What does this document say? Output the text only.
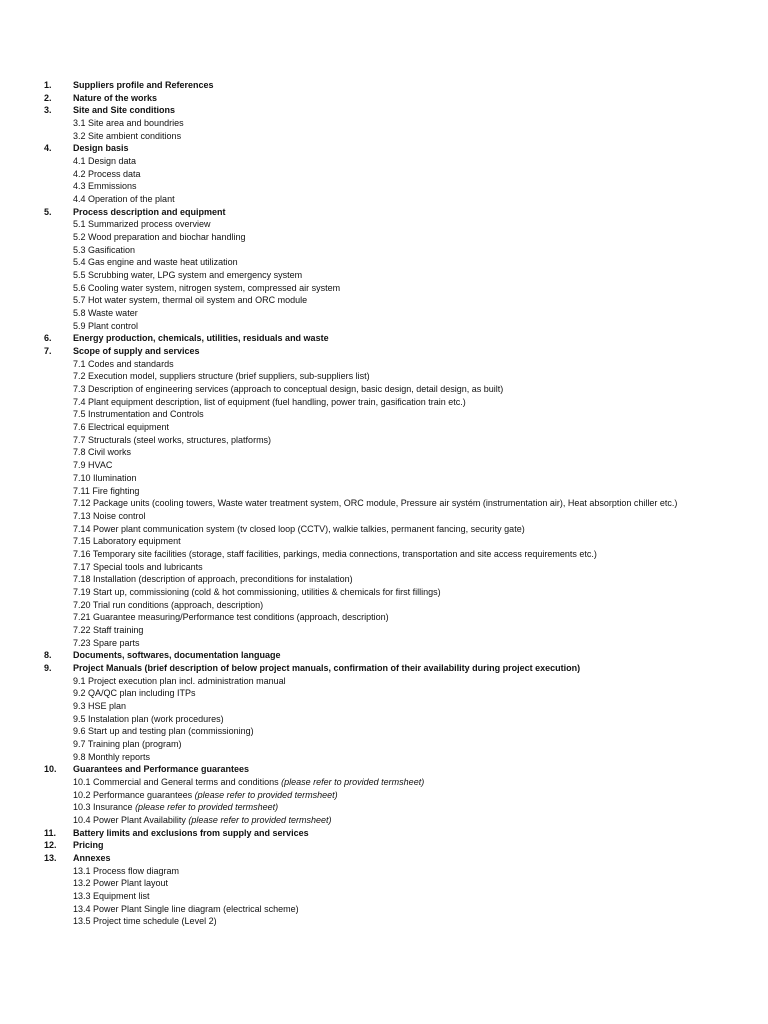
1. Suppliers profile and References
2. Nature of the works
3. Site and Site conditions
3.1 Site area and boundries
3.2 Site ambient conditions
4. Design basis
4.1 Design data
4.2 Process data
4.3 Emmissions
4.4 Operation of the plant
5. Process description and equipment
5.1 Summarized process overview
5.2 Wood preparation and biochar handling
5.3 Gasification
5.4 Gas engine and waste heat utilization
5.5 Scrubbing water, LPG system and emergency system
5.6 Cooling water system, nitrogen system, compressed air system
5.7 Hot water system, thermal oil system and ORC module
5.8 Waste water
5.9 Plant control
6. Energy production, chemicals, utilities, residuals and waste
7. Scope of supply and services
7.1 Codes and standards
7.2 Execution model, suppliers structure (brief suppliers, sub-suppliers list)
7.3 Description of engineering services (approach to conceptual design, basic design, detail design, as built)
7.4 Plant equipment description, list of equipment (fuel handling, power train, gasification train etc.)
7.5 Instrumentation and Controls
7.6 Electrical equipment
7.7 Structurals (steel works, structures, platforms)
7.8 Civil works
7.9 HVAC
7.10 Ilumination
7.11 Fire fighting
7.12 Package units (cooling towers, Waste water treatment system, ORC module, Pressure air systém (instrumentation air), Heat absorption chiller etc.)
7.13 Noise control
7.14 Power plant communication system (tv closed loop (CCTV), walkie talkies, permanent fancing, security gate)
7.15 Laboratory equipment
7.16 Temporary site facilities (storage, staff facilities, parkings, media connections, transportation and site access requirements etc.)
7.17 Special tools and lubricants
7.18 Installation (description of approach, preconditions for instalation)
7.19 Start up, commissioning (cold & hot commissioning, utilities & chemicals for first fillings)
7.20 Trial run conditions (approach, description)
7.21 Guarantee measuring/Performance test conditions (approach, description)
7.22 Staff training
7.23 Spare parts
8. Documents, softwares, documentation language
9. Project Manuals (brief description of below project manuals, confirmation of their availability during project execution)
9.1 Project execution plan incl. administration manual
9.2 QA/QC plan including ITPs
9.3 HSE plan
9.5 Instalation plan (work procedures)
9.6 Start up and testing plan (commissioning)
9.7 Training plan (program)
9.8 Monthly reports
10. Guarantees and Performance guarantees
10.1 Commercial and General terms and conditions (please refer to provided termsheet)
10.2 Performance guarantees (please refer to provided termsheet)
10.3 Insurance (please refer to provided termsheet)
10.4 Power Plant Availability (please refer to provided termsheet)
11. Battery limits and exclusions from supply and services
12. Pricing
13. Annexes
13.1 Process flow diagram
13.2 Power Plant layout
13.3 Equipment list
13.4 Power Plant Single line diagram (electrical scheme)
13.5 Project time schedule (Level 2)
